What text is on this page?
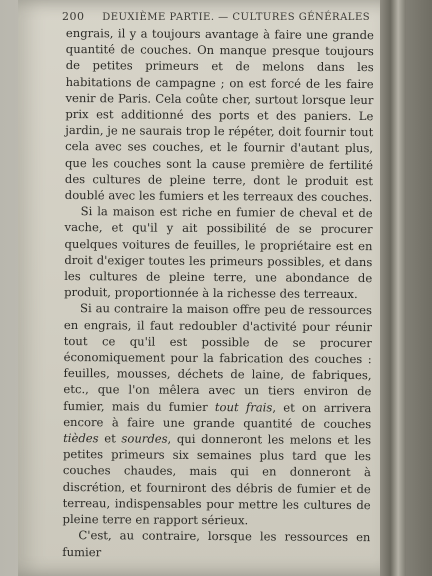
200 DEUXIÈME PARTIE. — CULTURES GÉNÉRALES

engrais, il y a toujours avantage à faire une grande quantité de couches. On manque presque toujours de petites primeurs et de melons dans les habitations de campagne ; on est forcé de les faire venir de Paris. Cela coûte cher, surtout lorsque leur prix est additionné des ports et des paniers. Le jardin, je ne saurais trop le répéter, doit fournir tout cela avec ses couches, et le fournir d'autant plus, que les couches sont la cause première de fertilité des cultures de pleine terre, dont le produit est doublé avec les fumiers et les terreaux des couches.

Si la maison est riche en fumier de cheval et de vache, et qu'il y ait possibilité de se procurer quelques voitures de feuilles, le propriétaire est en droit d'exiger toutes les primeurs possibles, et dans les cultures de pleine terre, une abondance de produit, proportionnée à la richesse des terreaux.

Si au contraire la maison offre peu de ressources en engrais, il faut redoubler d'activité pour réunir tout ce qu'il est possible de se procurer économiquement pour la fabrication des couches : feuilles, mousses, déchets de laine, de fabriques, etc., que l'on mêlera avec un tiers environ de fumier, mais du fumier tout frais, et on arrivera encore à faire une grande quantité de couches tièdes et sourdes, qui donneront les melons et les petites primeurs six semaines plus tard que les couches chaudes, mais qui en donneront à discrétion, et fourniront des débris de fumier et de terreau, indispensables pour mettre les cultures de pleine terre en rapport sérieux.

C'est, au contraire, lorsque les ressources en fumier
